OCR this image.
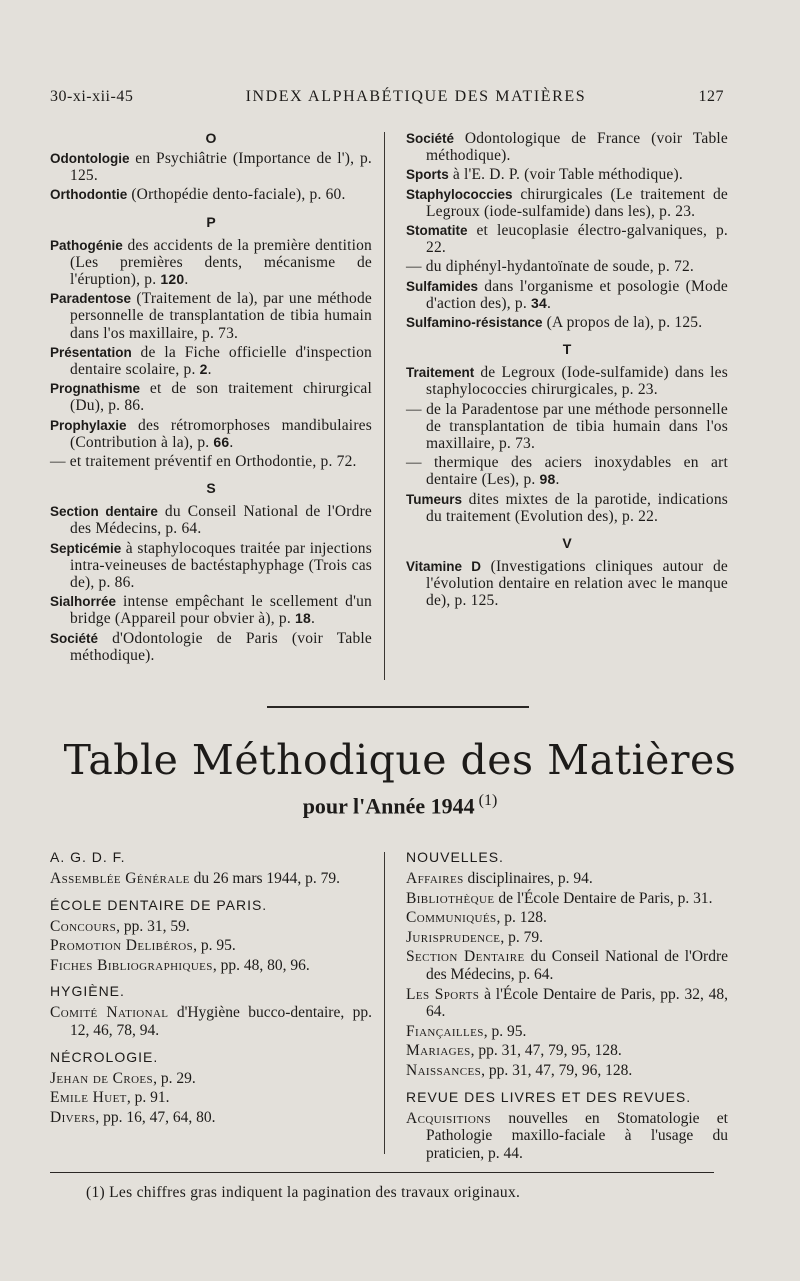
30-xi-xii-45	INDEX ALPHABÉTIQUE DES MATIÈRES	127
O
Odontologie en Psychiâtrie (Importance de l'), p. 125.
Orthodontie (Orthopédie dento-faciale), p. 60.
P
Pathogénie des accidents de la première dentition (Les premières dents, mécanisme de l'éruption), p. 120.
Paradentose (Traitement de la), par une méthode personnelle de transplantation de tibia humain dans l'os maxillaire, p. 73.
Présentation de la Fiche officielle d'inspection dentaire scolaire, p. 2.
Prognathisme et de son traitement chirurgical (Du), p. 86.
Prophylaxie des rétromorphoses mandibulaires (Contribution à la), p. 66.
— et traitement préventif en Orthodontie, p. 72.
S
Section dentaire du Conseil National de l'Ordre des Médecins, p. 64.
Septicémie à staphylocoques traitée par injections intra-veineuses de bactéstaphyphage (Trois cas de), p. 86.
Sialhorrée intense empêchant le scellement d'un bridge (Appareil pour obvier à), p. 18.
Société d'Odontologie de Paris (voir Table méthodique).
Société Odontologique de France (voir Table méthodique).
Sports à l'E. D. P. (voir Table méthodique).
Staphylococcies chirurgicales (Le traitement de Legroux (iode-sulfamide) dans les), p. 23.
Stomatite et leucoplasie électro-galvaniques, p. 22.
— du diphényl-hydantoïnate de soude, p. 72.
Sulfamides dans l'organisme et posologie (Mode d'action des), p. 34.
Sulfamino-résistance (A propos de la), p. 125.
T
Traitement de Legroux (Iode-sulfamide) dans les staphylococcies chirurgicales, p. 23.
— de la Paradentose par une méthode personnelle de transplantation de tibia humain dans l'os maxillaire, p. 73.
— thermique des aciers inoxydables en art dentaire (Les), p. 98.
Tumeurs dites mixtes de la parotide, indications du traitement (Evolution des), p. 22.
V
Vitamine D (Investigations cliniques autour de l'évolution dentaire en relation avec le manque de), p. 125.
Table Méthodique des Matières
pour l'Année 1944 $^{(1)}$
A. G. D. F.
Assemblée Générale du 26 mars 1944, p. 79.
ÉCOLE DENTAIRE DE PARIS.
Concours, pp. 31, 59.
Promotion Delibéros, p. 95.
Fiches Bibliographiques, pp. 48, 80, 96.
HYGIÈNE.
Comité National d'Hygiène bucco-dentaire, pp. 12, 46, 78, 94.
NÉCROLOGIE.
Jehan de Croes, p. 29.
Emile Huet, p. 91.
Divers, pp. 16, 47, 64, 80.
NOUVELLES.
Affaires disciplinaires, p. 94.
Bibliothèque de l'École Dentaire de Paris, p. 31.
Communiqués, p. 128.
Jurisprudence, p. 79.
Section Dentaire du Conseil National de l'Ordre des Médecins, p. 64.
Les Sports à l'École Dentaire de Paris, pp. 32, 48, 64.
Fiançailles, p. 95.
Mariages, pp. 31, 47, 79, 95, 128.
Naissances, pp. 31, 47, 79, 96, 128.
REVUE DES LIVRES ET DES REVUES.
Acquisitions nouvelles en Stomatologie et Pathologie maxillo-faciale à l'usage du praticien, p. 44.
(1) Les chiffres gras indiquent la pagination des travaux originaux.
